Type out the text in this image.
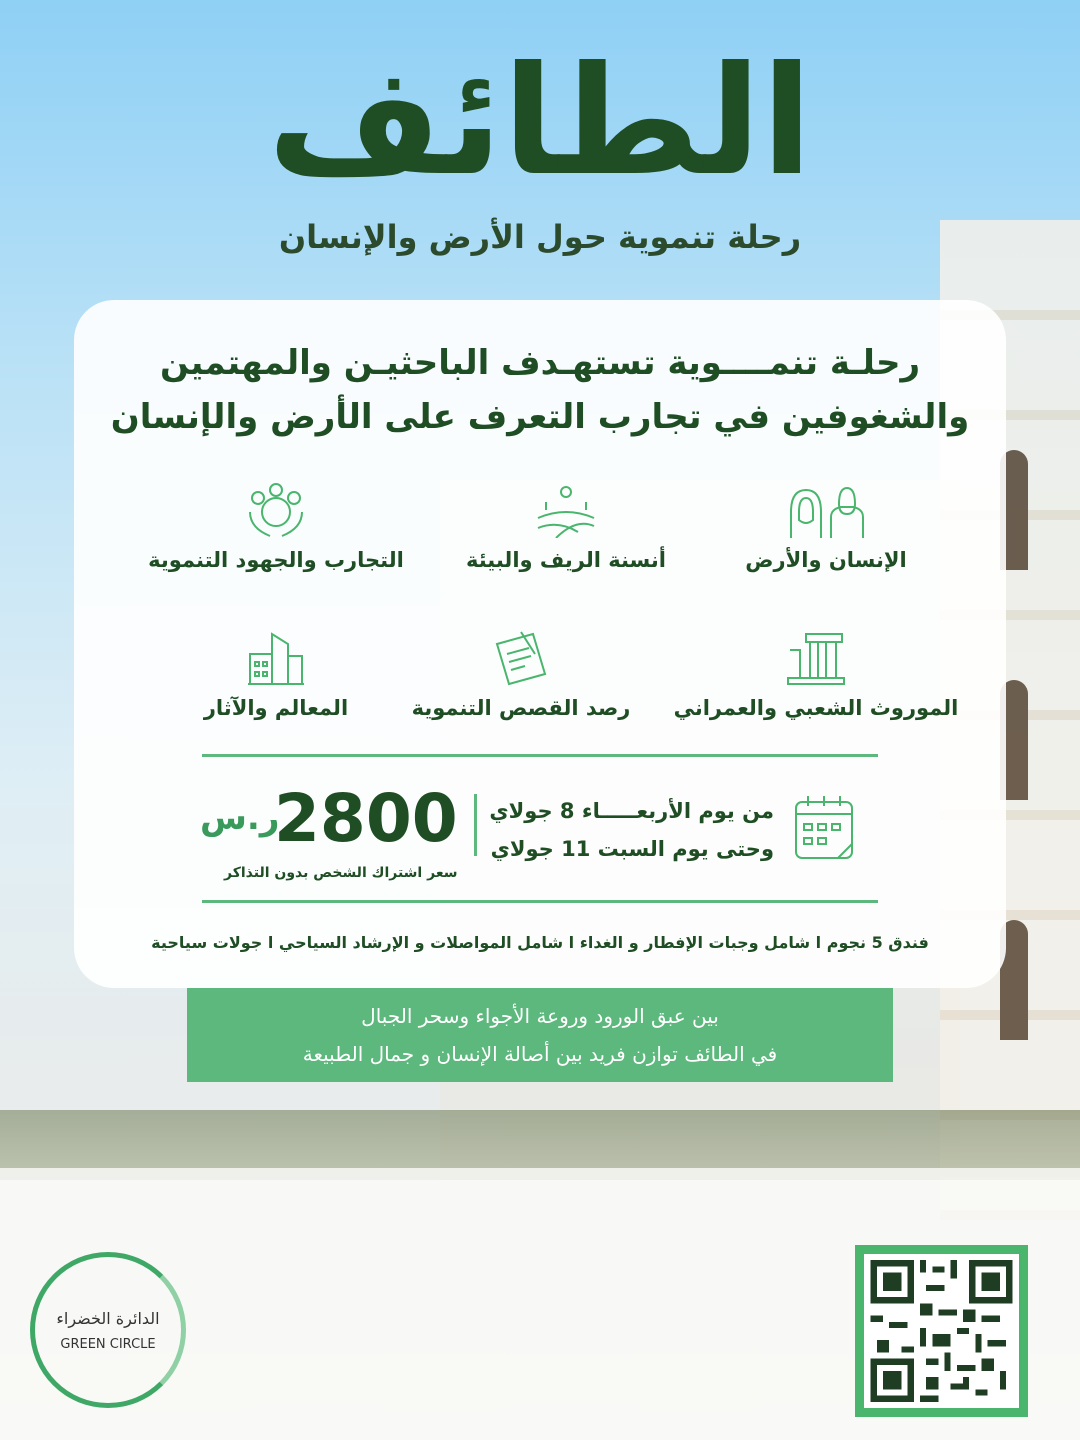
الطائف
رحلة تنموية حول الأرض والإنسان
رحلـة تنمــــوية تستهـدف الباحثيـن والمهتمين
والشغوفين في تجارب التعرف على الأرض والإنسان
الإنسان والأرض
أنسنة الريف والبيئة
التجارب والجهود التنموية
الموروث الشعبي والعمراني
رصد القصص التنموية
المعالم والآثار
من يوم الأربعـــــاء 8 جولاي
وحتى يوم السبت 11 جولاي
2800
ر.س
سعر اشتراك الشخص بدون التذاكر
فندق 5 نجوم ا شامل وجبات الإفطار و الغداء ا شامل المواصلات و الإرشاد السياحي ا جولات سياحية
بين عبق الورود وروعة الأجواء وسحر الجبال
في الطائف توازن فريد بين أصالة الإنسان و جمال الطبيعة
الدائرة الخضراء
GREEN CIRCLE
